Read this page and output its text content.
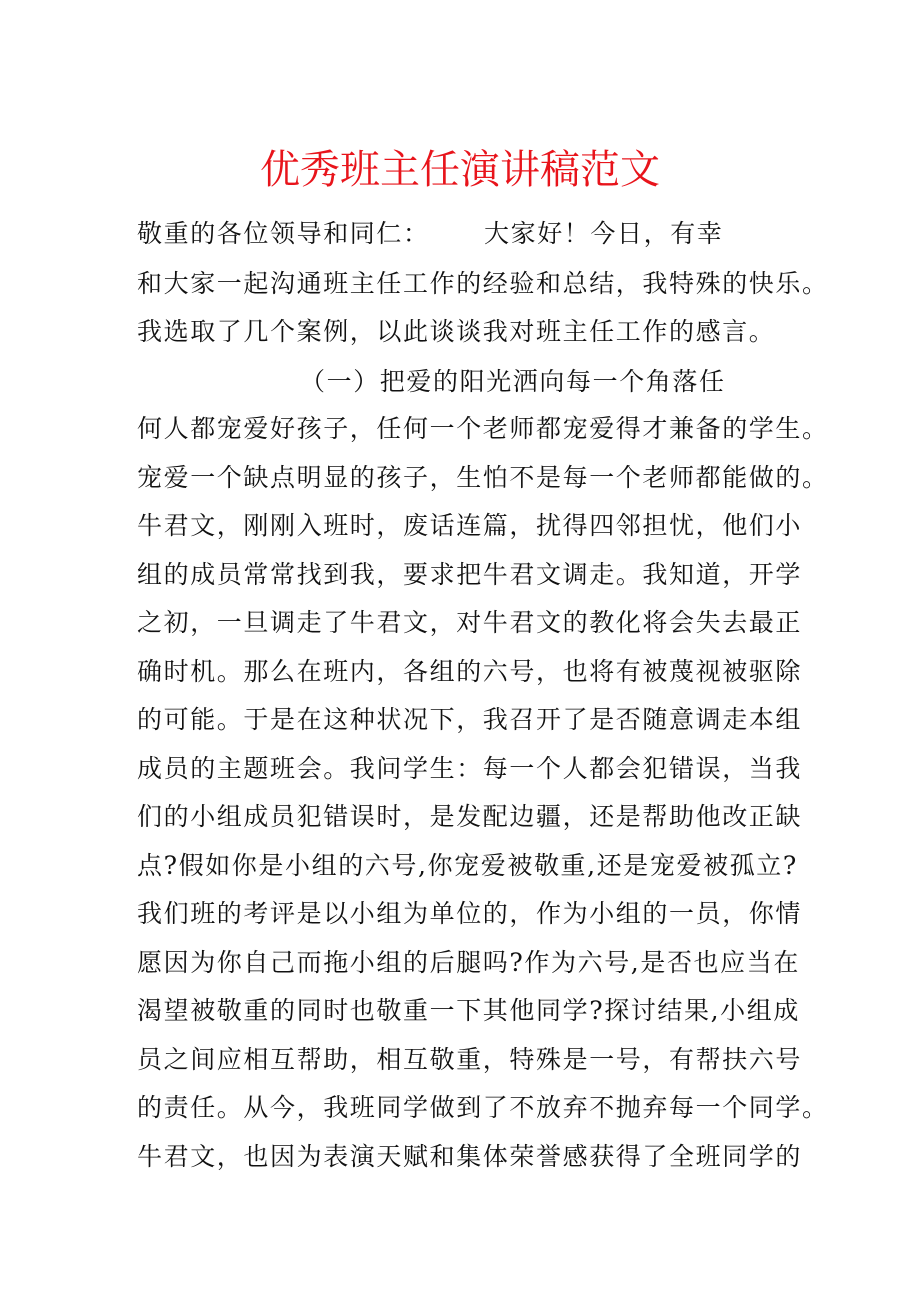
优秀班主任演讲稿范文
敬重的各位领导和同仁： 大家好！今日，有幸
和大家一起沟通班主任工作的经验和总结，我特殊的快乐。
我选取了几个案例，以此谈谈我对班主任工作的感言。
（一）把爱的阳光洒向每一个角落任
何人都宠爱好孩子，任何一个老师都宠爱得才兼备的学生。
宠爱一个缺点明显的孩子，生怕不是每一个老师都能做的。
牛君文，刚刚入班时，废话连篇，扰得四邻担忧，他们小
组的成员常常找到我，要求把牛君文调走。我知道，开学
之初，一旦调走了牛君文，对牛君文的教化将会失去最正
确时机。那么在班内，各组的六号，也将有被蔑视被驱除
的可能。于是在这种状况下，我召开了是否随意调走本组
成员的主题班会。我问学生：每一个人都会犯错误，当我
们的小组成员犯错误时，是发配边疆，还是帮助他改正缺
点?假如你是小组的六号,你宠爱被敬重,还是宠爱被孤立?
我们班的考评是以小组为单位的，作为小组的一员，你情
愿因为你自己而拖小组的后腿吗?作为六号,是否也应当在
渴望被敬重的同时也敬重一下其他同学?探讨结果,小组成
员之间应相互帮助，相互敬重，特殊是一号，有帮扶六号
的责任。从今，我班同学做到了不放弃不抛弃每一个同学。
牛君文，也因为表演天赋和集体荣誉感获得了全班同学的
